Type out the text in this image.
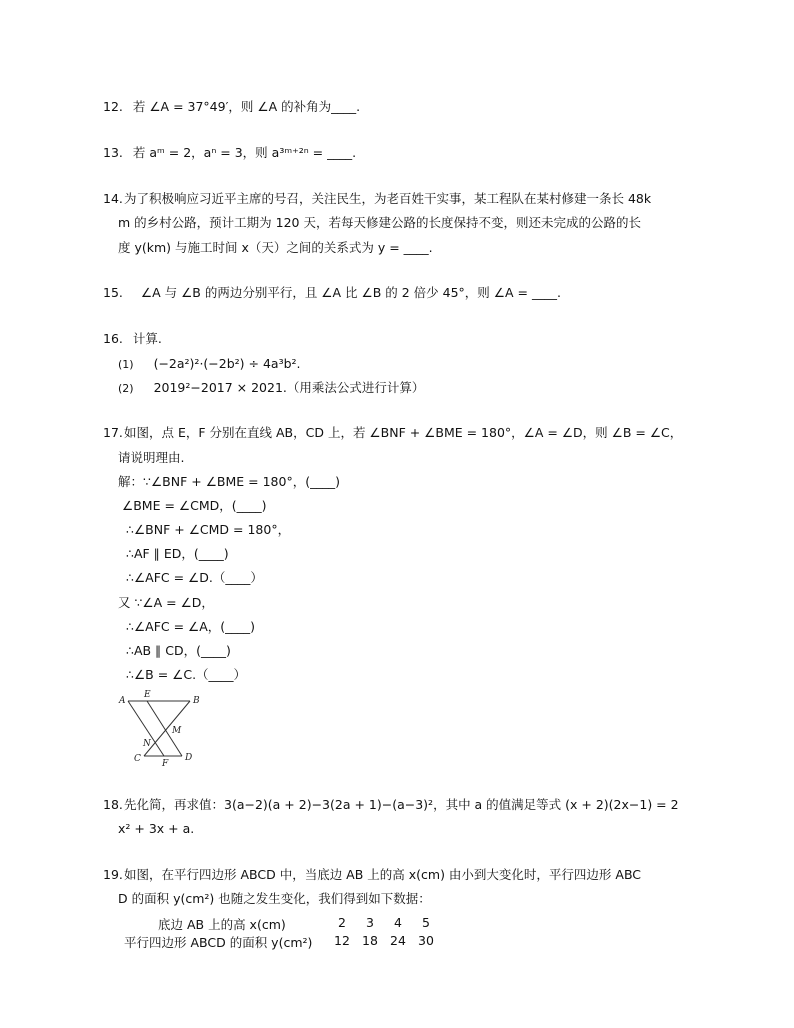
12. 若 ∠A = 37°49′，则 ∠A 的补角为____.
13. 若 aᵐ = 2，aⁿ = 3，则 a³ᵐ⁺²ⁿ = ____.
14. 为了积极响应习近平主席的号召，关注民生，为老百姓干实事，某工程队在某村修建一条长 48k
m 的乡村公路，预计工期为 120 天，若每天修建公路的长度保持不变，则还未完成的公路的长
度 y(km) 与施工时间 x（天）之间的关系式为 y = ____.
15. ∠A 与 ∠B 的两边分别平行，且 ∠A 比 ∠B 的 2 倍少 45°，则 ∠A = ____.
16. 计算.
(1) (−2a²)²·(−2b²) ÷ 4a³b².
(2) 2019²−2017 × 2021.（用乘法公式进行计算）
17. 如图，点 E，F 分别在直线 AB，CD 上，若 ∠BNF + ∠BME = 180°，∠A = ∠D，则 ∠B = ∠C，
请说明理由.
解：∵∠BNF + ∠BME = 180°，(____)
∠BME = ∠CMD，(____)
∴∠BNF + ∠CMD = 180°，
∴AF ∥ ED，(____)
∴∠AFC = ∠D.（____）
又 ∵∠A = ∠D，
∴∠AFC = ∠A，(____)
∴AB ∥ CD，(____)
∴∠B = ∠C.（____）
A
E
B
M
N
C F
D
18. 先化简，再求值：3(a−2)(a + 2)−3(2a + 1)−(a−3)²，其中 a 的值满足等式 (x + 2)(2x−1) = 2
x² + 3x + a.
19. 如图，在平行四边形 ABCD 中，当底边 AB 上的高 x(cm) 由小到大变化时，平行四边形 ABC
D 的面积 y(cm²) 也随之发生变化，我们得到如下数据：
底边 AB 上的高 x(cm)	2 3 4 5
平行四边形 ABCD 的面积 y(cm²) 12 18 24 30
